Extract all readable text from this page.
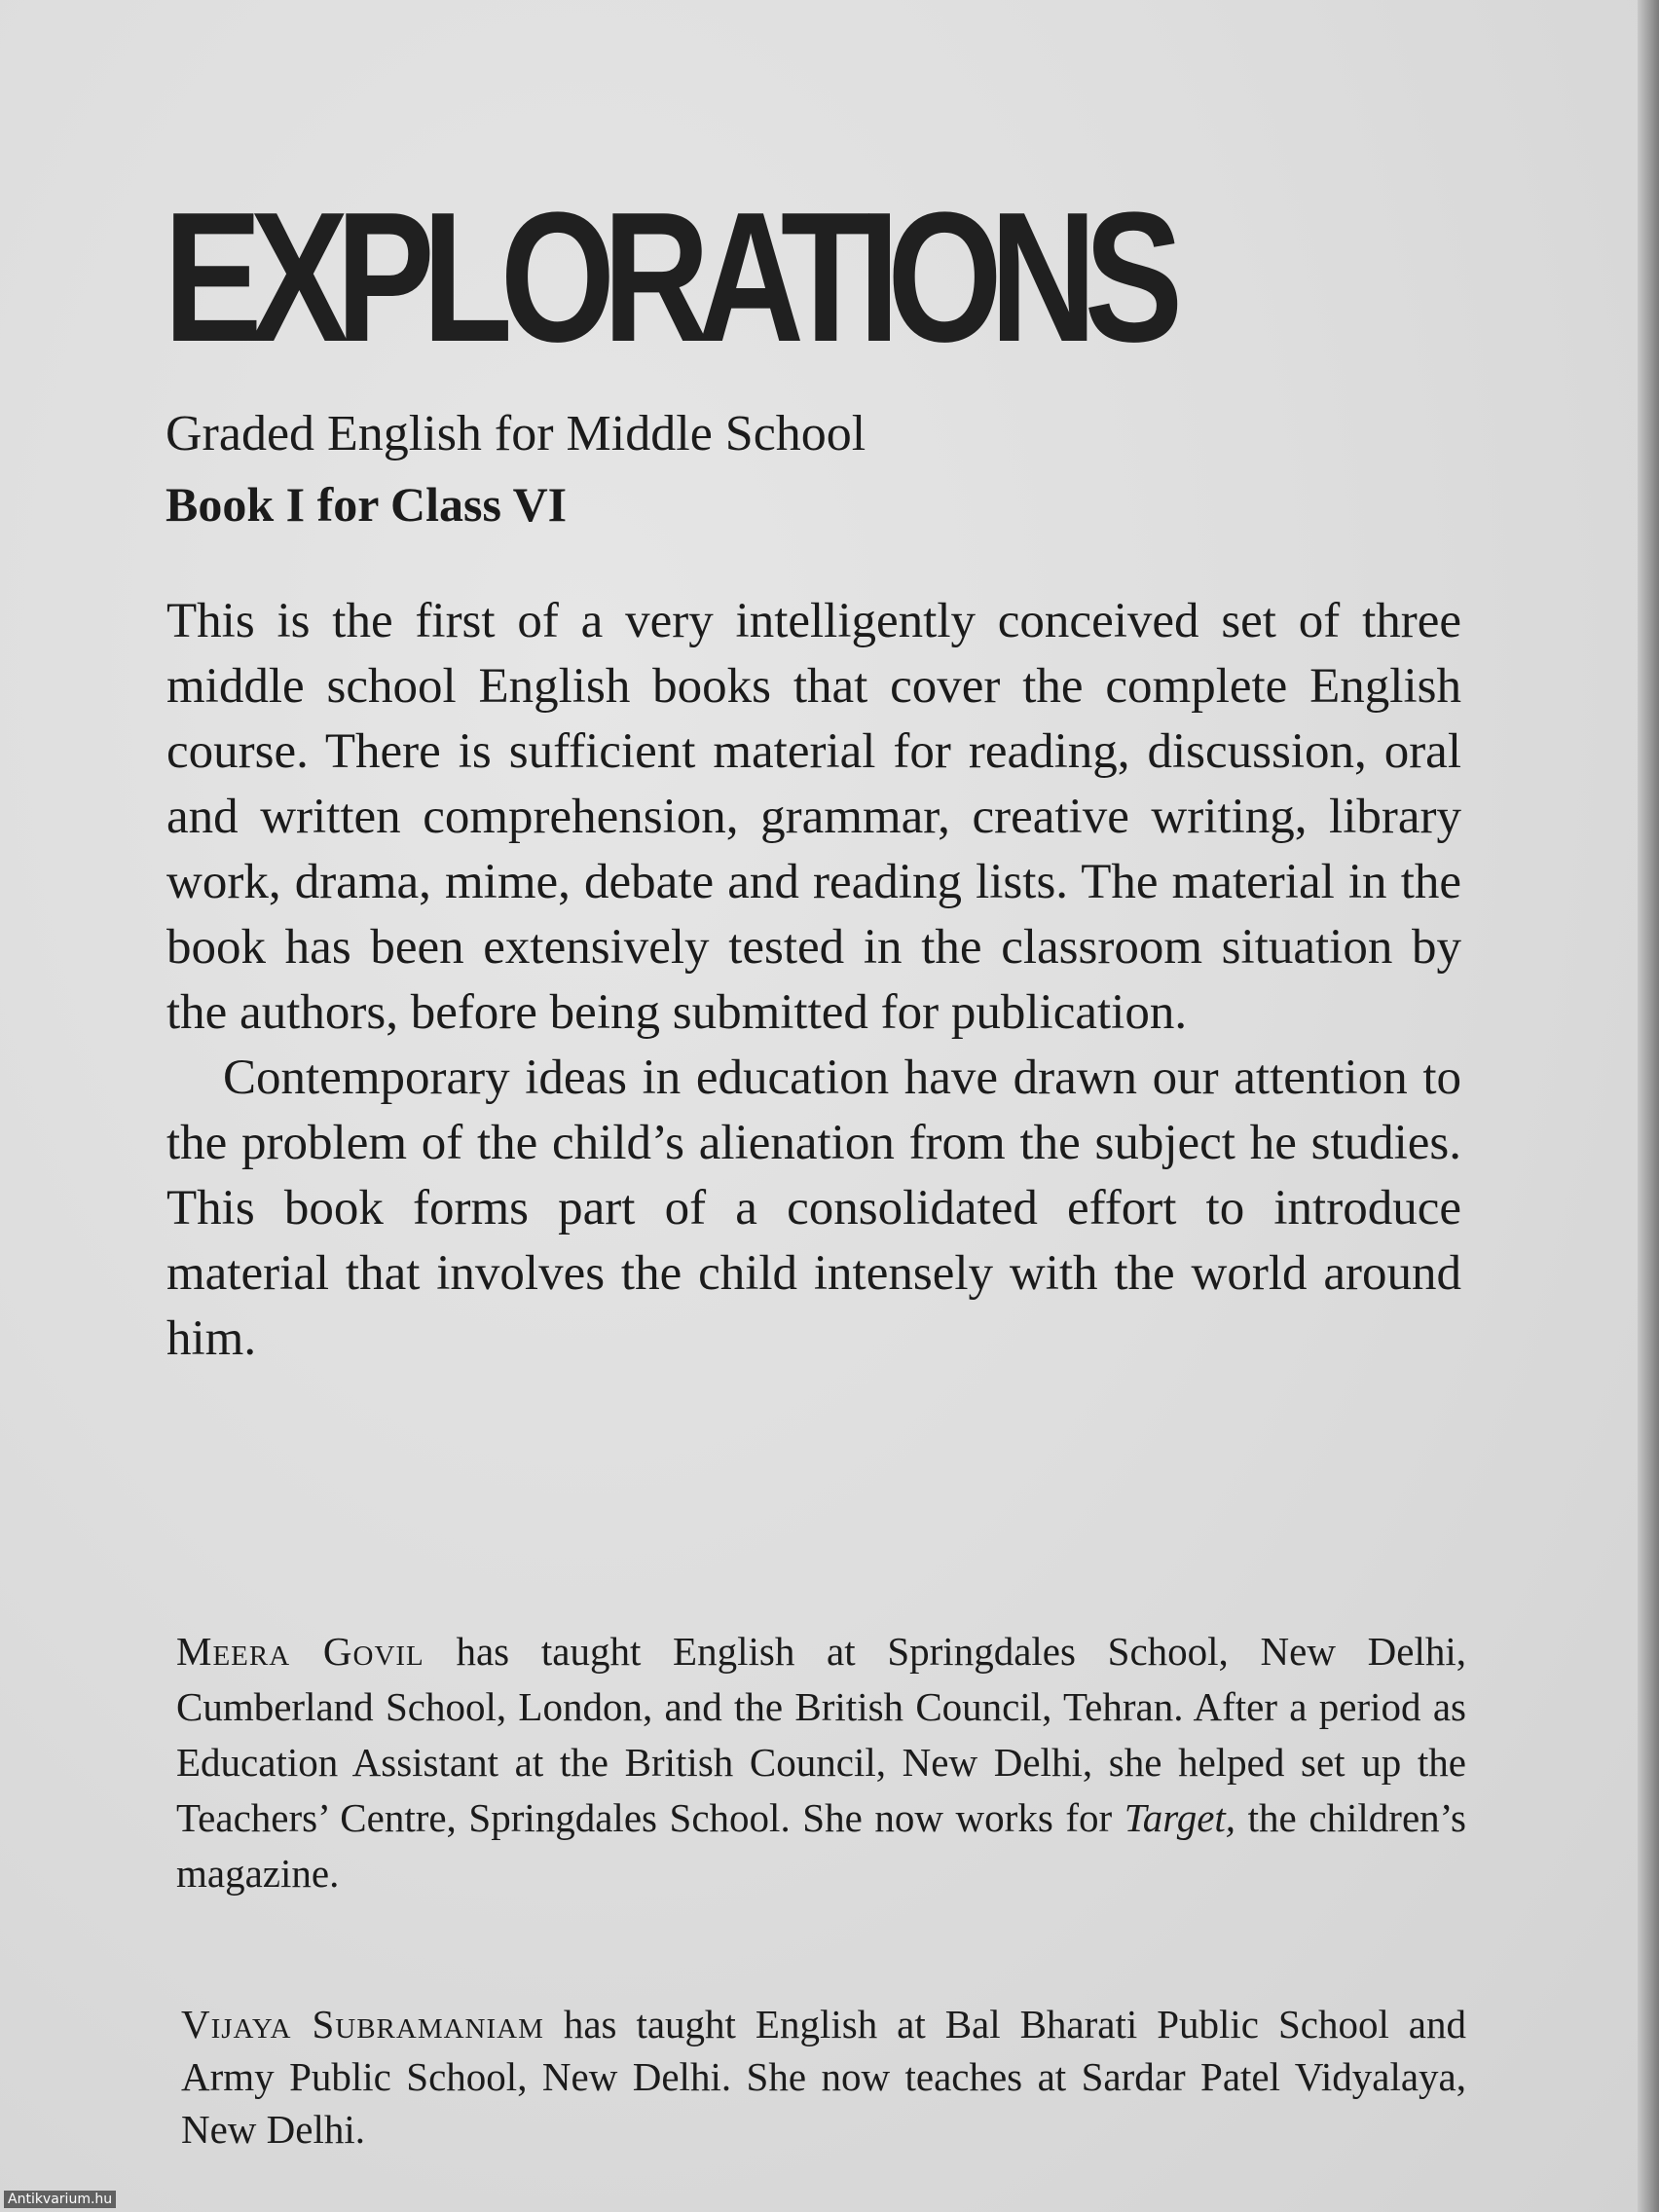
EXPLORATIONS
Graded English for Middle School
Book I for Class VI

This is the first of a very intelligently conceived set of three middle school English books that cover the complete English course. There is sufficient material for reading, discussion, oral and written comprehension, grammar, creative writing, library work, drama, mime, debate and reading lists. The material in the book has been extensively tested in the classroom situation by the authors, before being submitted for publication.

Contemporary ideas in education have drawn our attention to the problem of the child’s alienation from the subject he studies. This book forms part of a consolidated effort to introduce material that involves the child intensely with the world around him.

Meera Govil has taught English at Springdales School, New Delhi, Cumberland School, London, and the British Council, Tehran. After a period as Education Assistant at the British Council, New Delhi, she helped set up the Teachers’ Centre, Springdales School. She now works for Target, the children’s magazine.

Vijaya Subramaniam has taught English at Bal Bharati Public School and Army Public School, New Delhi. She now teaches at Sardar Patel Vidyalaya, New Delhi.

Antikvarium.hu
